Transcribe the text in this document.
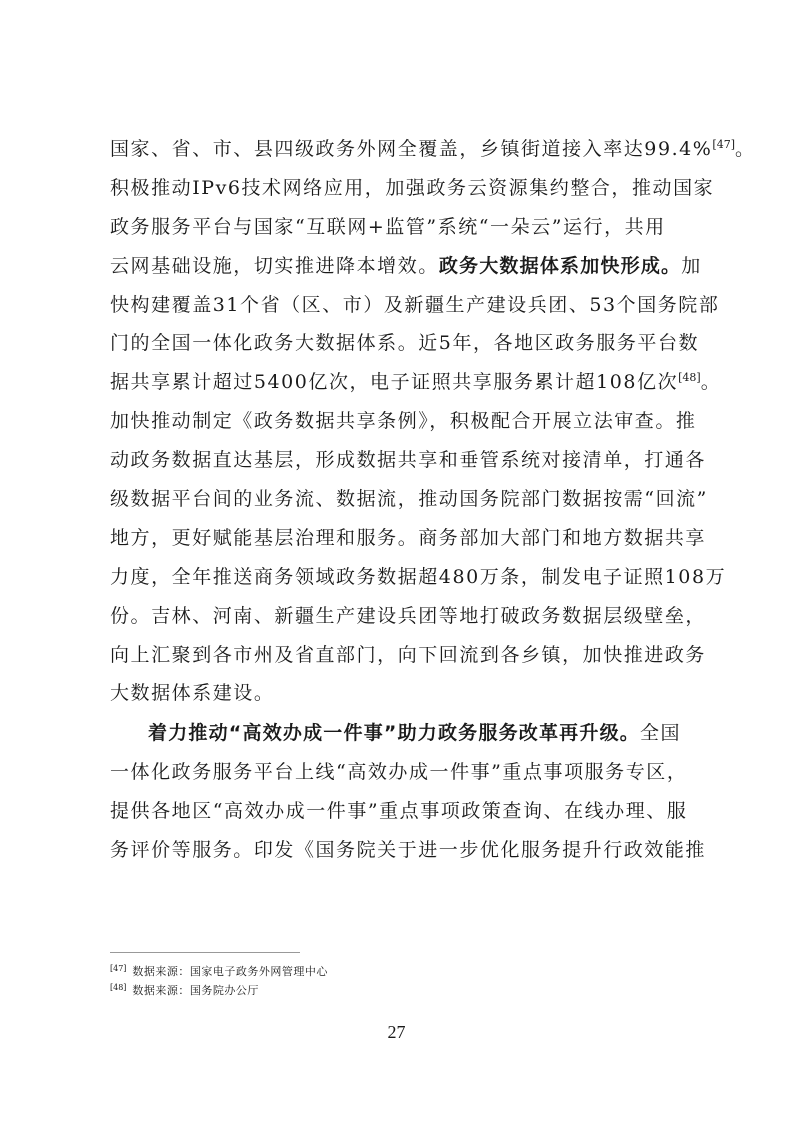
国家、省、市、县四级政务外网全覆盖，乡镇街道接入率达99.4%[47]。
积极推动IPv6技术网络应用，加强政务云资源集约整合，推动国家
政务服务平台与国家“互联网+监管”系统“一朵云”运行，共用
云网基础设施，切实推进降本增效。政务大数据体系加快形成。加
快构建覆盖31个省（区、市）及新疆生产建设兵团、53个国务院部
门的全国一体化政务大数据体系。近5年，各地区政务服务平台数
据共享累计超过5400亿次，电子证照共享服务累计超108亿次[48]。
加快推动制定《政务数据共享条例》，积极配合开展立法审查。推
动政务数据直达基层，形成数据共享和垂管系统对接清单，打通各
级数据平台间的业务流、数据流，推动国务院部门数据按需“回流”
地方，更好赋能基层治理和服务。商务部加大部门和地方数据共享
力度，全年推送商务领域政务数据超480万条，制发电子证照108万
份。吉林、河南、新疆生产建设兵团等地打破政务数据层级壁垒，
向上汇聚到各市州及省直部门，向下回流到各乡镇，加快推进政务
大数据体系建设。
着力推动“高效办成一件事”助力政务服务改革再升级。全国
一体化政务服务平台上线“高效办成一件事”重点事项服务专区，
提供各地区“高效办成一件事”重点事项政策查询、在线办理、服
务评价等服务。印发《国务院关于进一步优化服务提升行政效能推
[47] 数据来源：国家电子政务外网管理中心
[48] 数据来源：国务院办公厅
27
